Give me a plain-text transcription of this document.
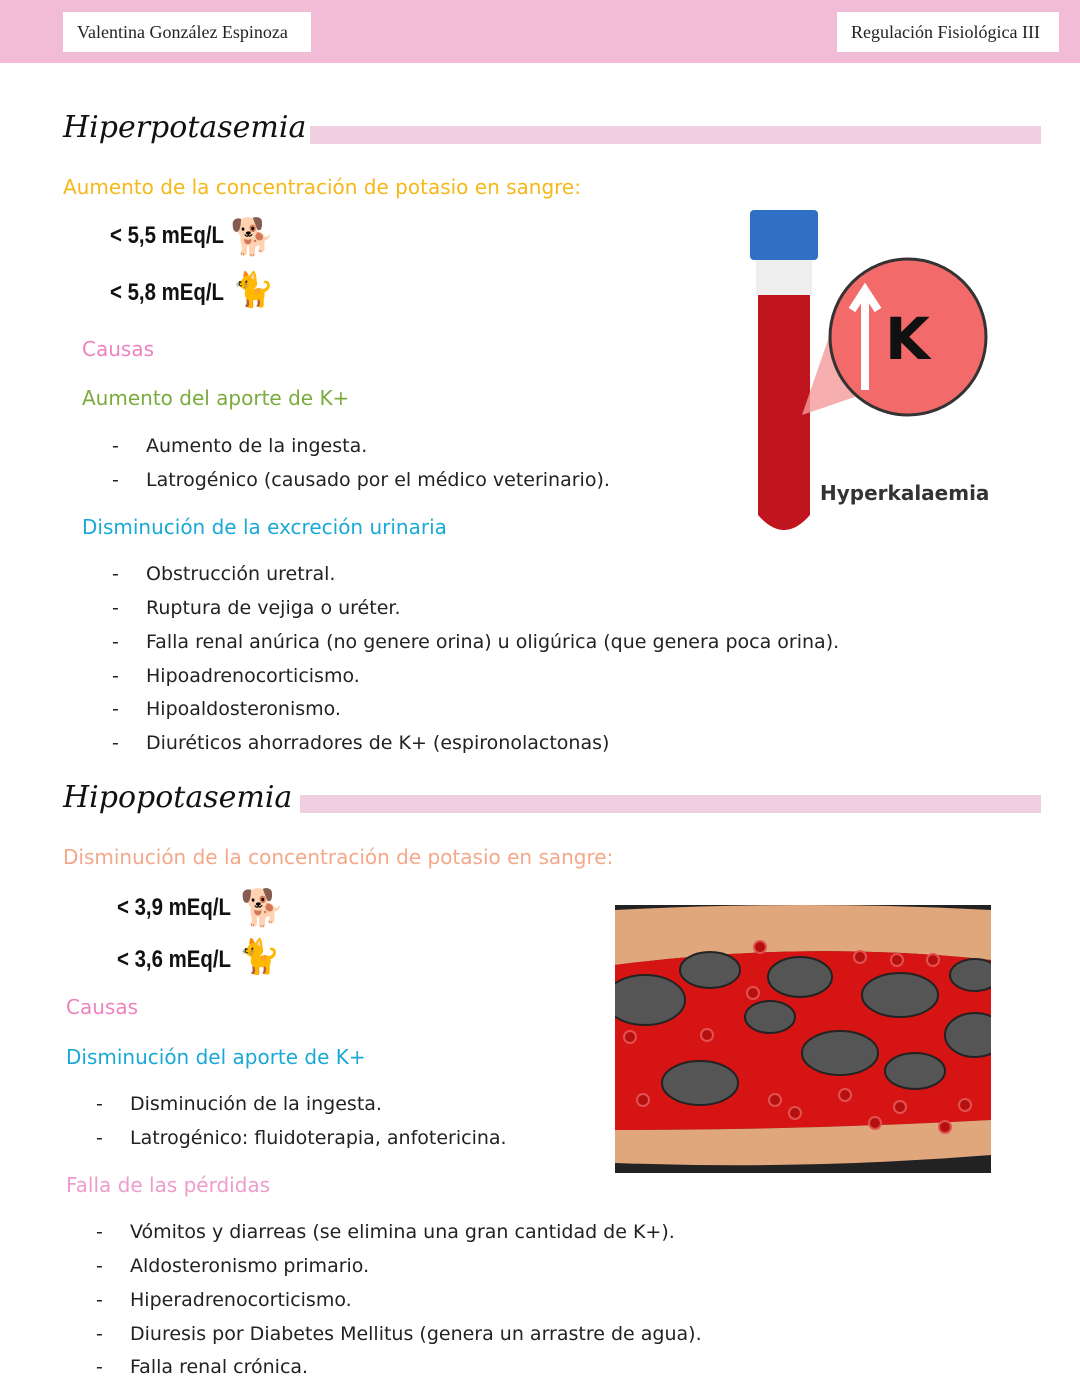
Valentina González Espinoza	Regulación Fisiológica III
Hiperpotasemia
Aumento de la concentración de potasio en sangre:
< 5,5 mEq/L 🐕
< 5,8 mEq/L 🐈
Causas
Aumento del aporte de K+
- Aumento de la ingesta.
- Latrogénico (causado por el médico veterinario).
Disminución de la excreción urinaria
- Obstrucción uretral.
- Ruptura de vejiga o uréter.
- Falla renal anúrica (no genere orina) u oligúrica (que genera poca orina).
- Hipoadrenocorticismo.
- Hipoaldosteronismo.
- Diuréticos ahorradores de K+ (espironolactonas)
K
Hyperkalaemia
Hipopotasemia
Disminución de la concentración de potasio en sangre:
< 3,9 mEq/L 🐕
< 3,6 mEq/L 🐈
Causas
Disminución del aporte de K+
- Disminución de la ingesta.
- Latrogénico: fluidoterapia, anfotericina.
Falla de las pérdidas
- Vómitos y diarreas (se elimina una gran cantidad de K+).
- Aldosteronismo primario.
- Hiperadrenocorticismo.
- Diuresis por Diabetes Mellitus (genera un arrastre de agua).
- Falla renal crónica.
